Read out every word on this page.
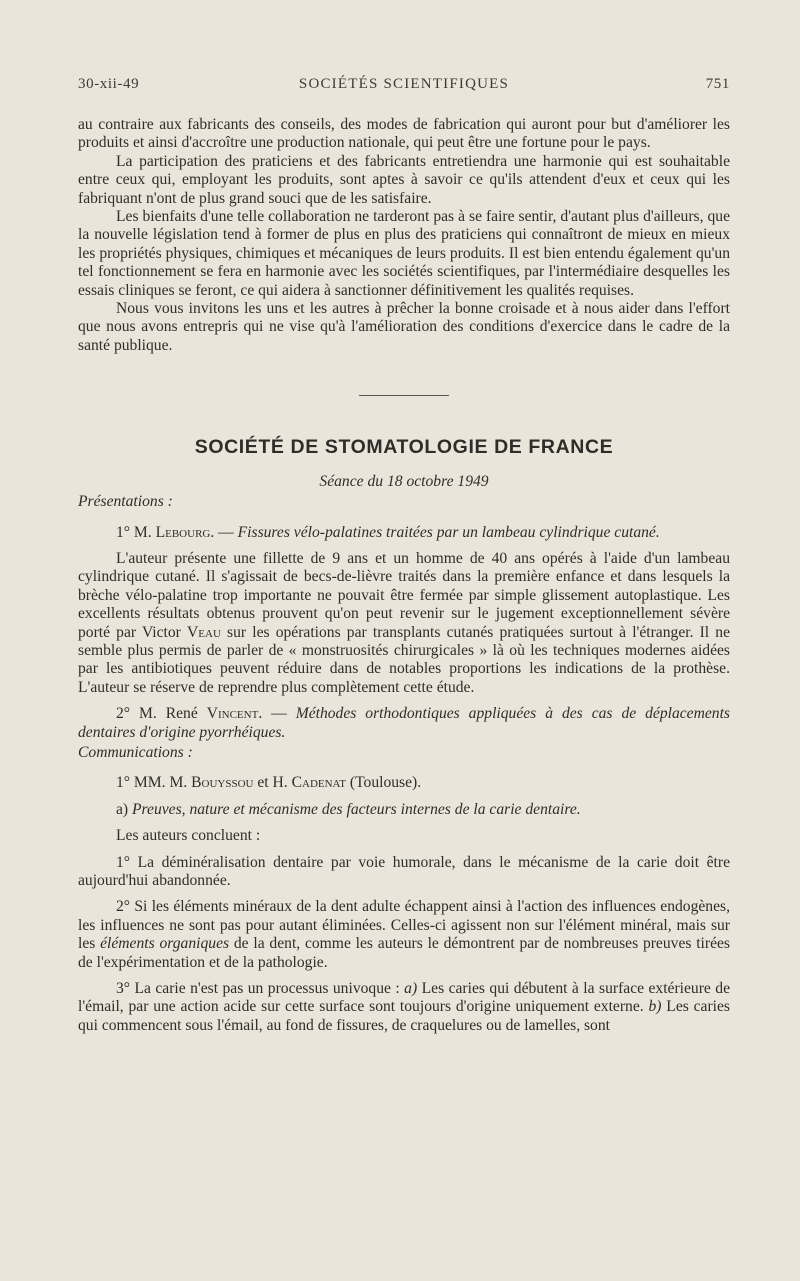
30-xii-49	SOCIÉTÉS SCIENTIFIQUES	751

au contraire aux fabricants des conseils, des modes de fabrication qui auront pour but d'améliorer les produits et ainsi d'accroître une production nationale, qui peut être une fortune pour le pays.

La participation des praticiens et des fabricants entretiendra une harmonie qui est souhaitable entre ceux qui, employant les produits, sont aptes à savoir ce qu'ils attendent d'eux et ceux qui les fabriquant n'ont de plus grand souci que de les satisfaire.

Les bienfaits d'une telle collaboration ne tarderont pas à se faire sentir, d'autant plus d'ailleurs, que la nouvelle législation tend à former de plus en plus des praticiens qui connaîtront de mieux en mieux les propriétés physiques, chimiques et mécaniques de leurs produits. Il est bien entendu également qu'un tel fonctionnement se fera en harmonie avec les sociétés scientifiques, par l'intermédiaire desquelles les essais cliniques se feront, ce qui aidera à sanctionner définitivement les qualités requises.

Nous vous invitons les uns et les autres à prêcher la bonne croisade et à nous aider dans l'effort que nous avons entrepris qui ne vise qu'à l'amélioration des conditions d'exercice dans le cadre de la santé publique.

SOCIÉTÉ DE STOMATOLOGIE DE FRANCE

Séance du 18 octobre 1949

Présentations :

1° M. Lebourg. — Fissures vélo-palatines traitées par un lambeau cylindrique cutané.

L'auteur présente une fillette de 9 ans et un homme de 40 ans opérés à l'aide d'un lambeau cylindrique cutané. Il s'agissait de becs-de-lièvre traités dans la première enfance et dans lesquels la brèche vélo-palatine trop importante ne pouvait être fermée par simple glissement autoplastique. Les excellents résultats obtenus prouvent qu'on peut revenir sur le jugement exceptionnellement sévère porté par Victor Veau sur les opérations par transplants cutanés pratiquées surtout à l'étranger. Il ne semble plus permis de parler de « monstruosités chirurgicales » là où les techniques modernes aidées par les antibiotiques peuvent réduire dans de notables proportions les indications de la prothèse. L'auteur se réserve de reprendre plus complètement cette étude.

2° M. René Vincent. — Méthodes orthodontiques appliquées à des cas de déplacements dentaires d'origine pyorrhéiques.

Communications :

1° MM. M. Bouyssou et H. Cadenat (Toulouse).

a) Preuves, nature et mécanisme des facteurs internes de la carie dentaire.

Les auteurs concluent :

1° La déminéralisation dentaire par voie humorale, dans le mécanisme de la carie doit être aujourd'hui abandonnée.

2° Si les éléments minéraux de la dent adulte échappent ainsi à l'action des influences endogènes, les influences ne sont pas pour autant éliminées. Celles-ci agissent non sur l'élément minéral, mais sur les éléments organiques de la dent, comme les auteurs le démontrent par de nombreuses preuves tirées de l'expérimentation et de la pathologie.

3° La carie n'est pas un processus univoque : a) Les caries qui débutent à la surface extérieure de l'émail, par une action acide sur cette surface sont toujours d'origine uniquement externe. b) Les caries qui commencent sous l'émail, au fond de fissures, de craquelures ou de lamelles, sont
